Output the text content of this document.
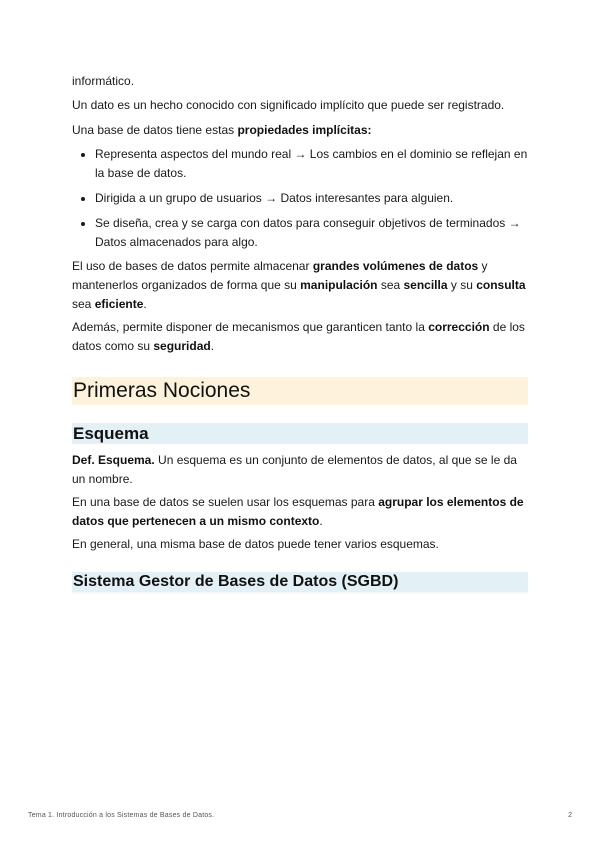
informático.

Un dato es un hecho conocido con significado implícito que puede ser registrado.

Una base de datos tiene estas propiedades implícitas:

Representa aspectos del mundo real → Los cambios en el dominio se reflejan en la base de datos.
Dirigida a un grupo de usuarios → Datos interesantes para alguien.
Se diseña, crea y se carga con datos para conseguir objetivos de terminados → Datos almacenados para algo.

El uso de bases de datos permite almacenar grandes volúmenes de datos y mantenerlos organizados de forma que su manipulación sea sencilla y su consulta sea eficiente.

Además, permite disponer de mecanismos que garanticen tanto la corrección de los datos como su seguridad.

Primeras Nociones
Esquema

Def. Esquema. Un esquema es un conjunto de elementos de datos, al que se le da un nombre.

En una base de datos se suelen usar los esquemas para agrupar los elementos de datos que pertenecen a un mismo contexto.

En general, una misma base de datos puede tener varios esquemas.

Sistema Gestor de Bases de Datos (SGBD)
Tema 1. Introducción a los Sistemas de Bases de Datos.	2
